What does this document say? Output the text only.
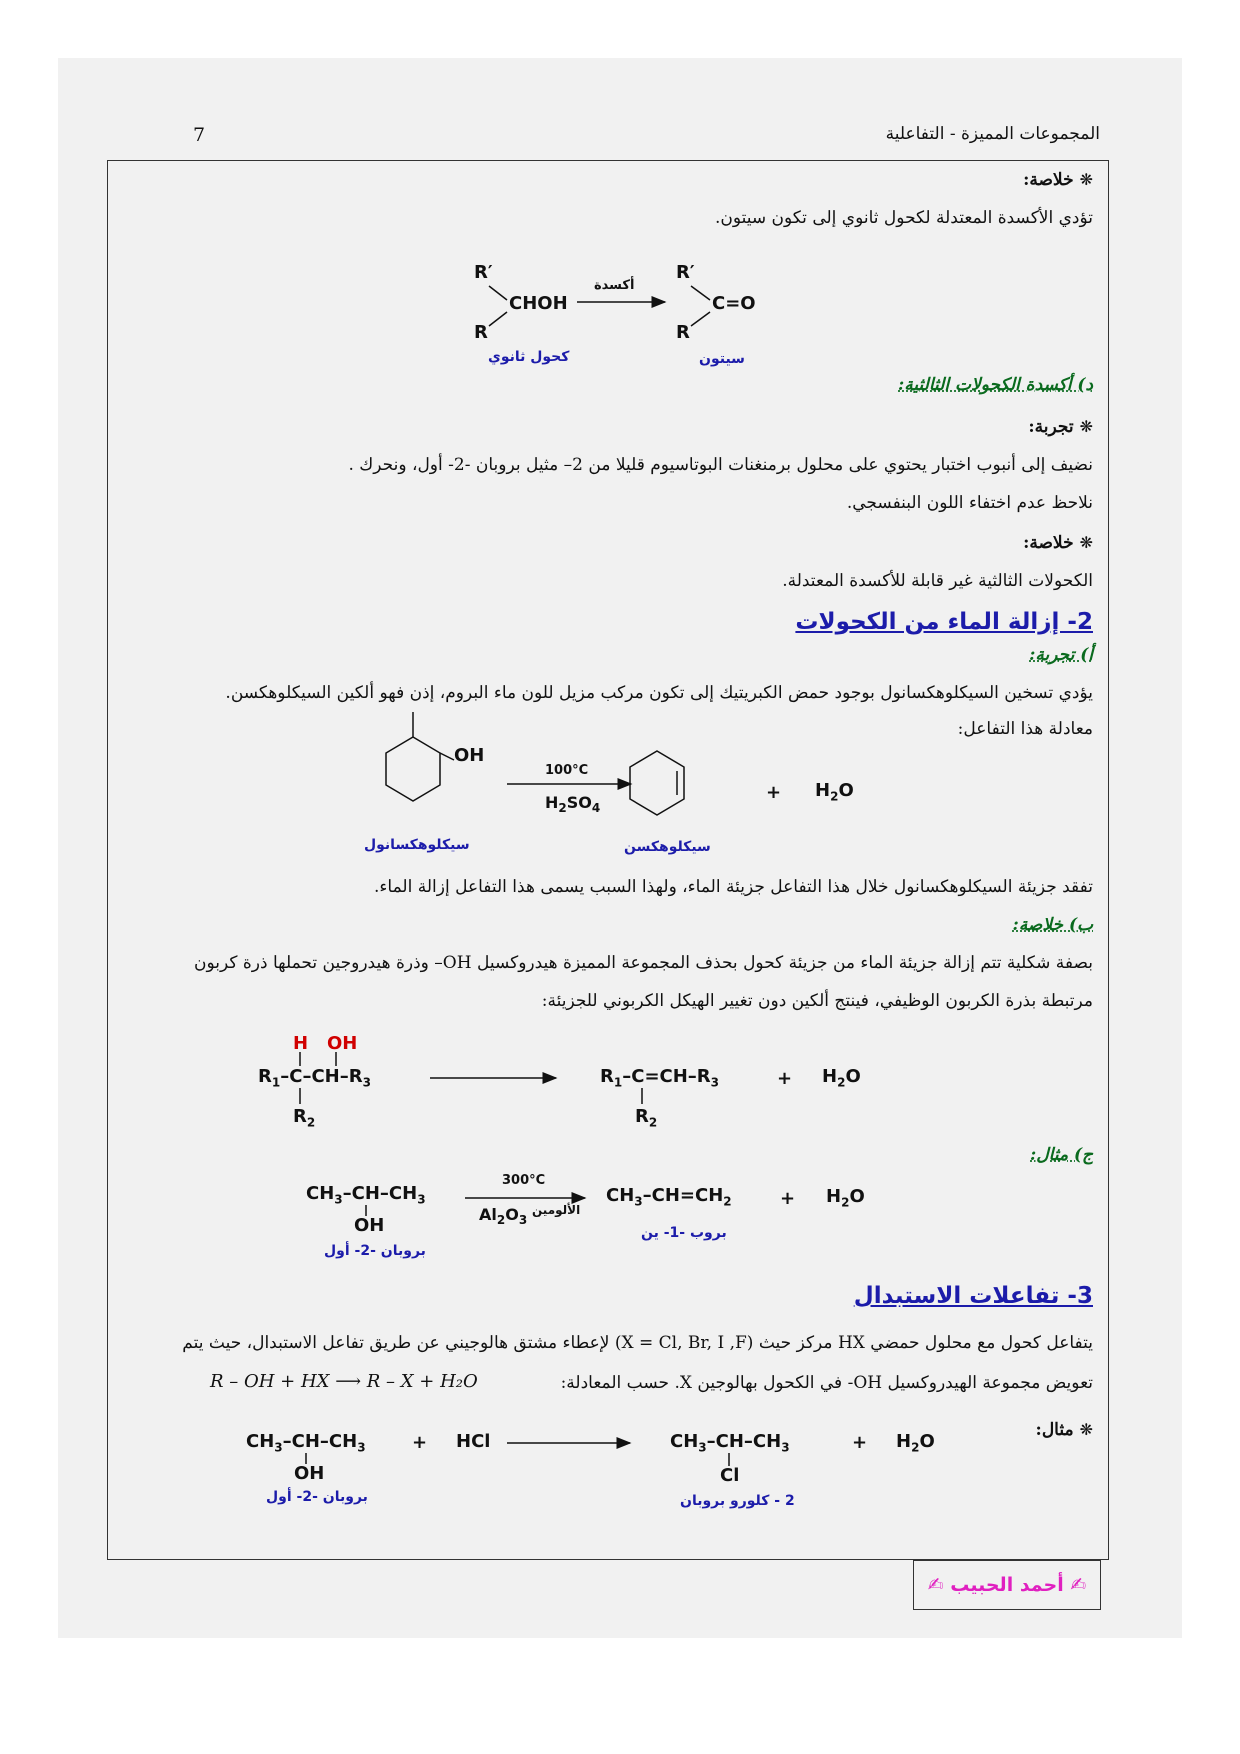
المجموعات المميزة - التفاعلية
7
❋خلاصة:
تؤدي الأكسدة المعتدلة لكحول ثانوي إلى تكون سيتون.
R′
CHOH
R
أكسدة
R′
C=O
R
كحول ثانوي	سيتون
د) أكسدة الكحولات الثالثية:
❋تجربة:
نضيف إلى أنبوب اختبار يحتوي على محلول برمنغنات البوتاسيوم قليلا من 2– مثيل بروبان -2- أول، ونحرك .
نلاحظ عدم اختفاء اللون البنفسجي.
❋خلاصة:
الكحولات الثالثية غير قابلة للأكسدة المعتدلة.
2- إزالة الماء من الكحولات
أ) تجربة:
يؤدي تسخين السيكلوهكسانول بوجود حمض الكبريتيك إلى تكون مركب مزيل للون ماء البروم، إذن فهو ألكين السيكلوهكسن.
معادلة هذا التفاعل:
OH
100°C
$H_2SO_4$
+ $H_2O$
سيكلوهكسانول	سيكلوهكسن
تفقد جزيئة السيكلوهكسانول خلال هذا التفاعل جزيئة الماء، ولهذا السبب يسمى هذا التفاعل إزالة الماء.
ب) خلاصة:
بصفة شكلية تتم إزالة جزيئة الماء من جزيئة كحول بحذف المجموعة المميزة هيدروكسيل OH– وذرة هيدروجين تحملها ذرة كربون
مرتبطة بذرة الكربون الوظيفي، فينتج ألكين دون تغيير الهيكل الكربوني للجزيئة:
H OH
$R_1-C-CH-R_3$
$R_2$
$R_1-C=CH-R_3$
$R_2$
+ $H_2O$
ج) مثال:
$CH_3-CH-CH_3$
OH
300°C
$Al_2O_3$
الألومين
$CH_3-CH=CH_2$	+ $H_2O$
بروبان -2- أول
بروب -1- ين
3- تفاعلات الاستبدال
يتفاعل كحول مع محلول حمضي HX مركز حيث (X = Cl, Br, I ,F) لإعطاء مشتق هالوجيني عن طريق تفاعل الاستبدال، حيث يتم
تعويض مجموعة الهيدروكسيل OH- في الكحول بهالوجين X. حسب المعادلة:
R – OH + HX ⟶ R – X + H₂O
❋مثال:
$CH_3-CH-CH_3$
OH
+ HCl	$CH_3-CH-CH_3$
Cl
+ $H_2O$
بروبان -2- أول	2 - كلورو بروبان
✍ أحمد الحبيب ✍
